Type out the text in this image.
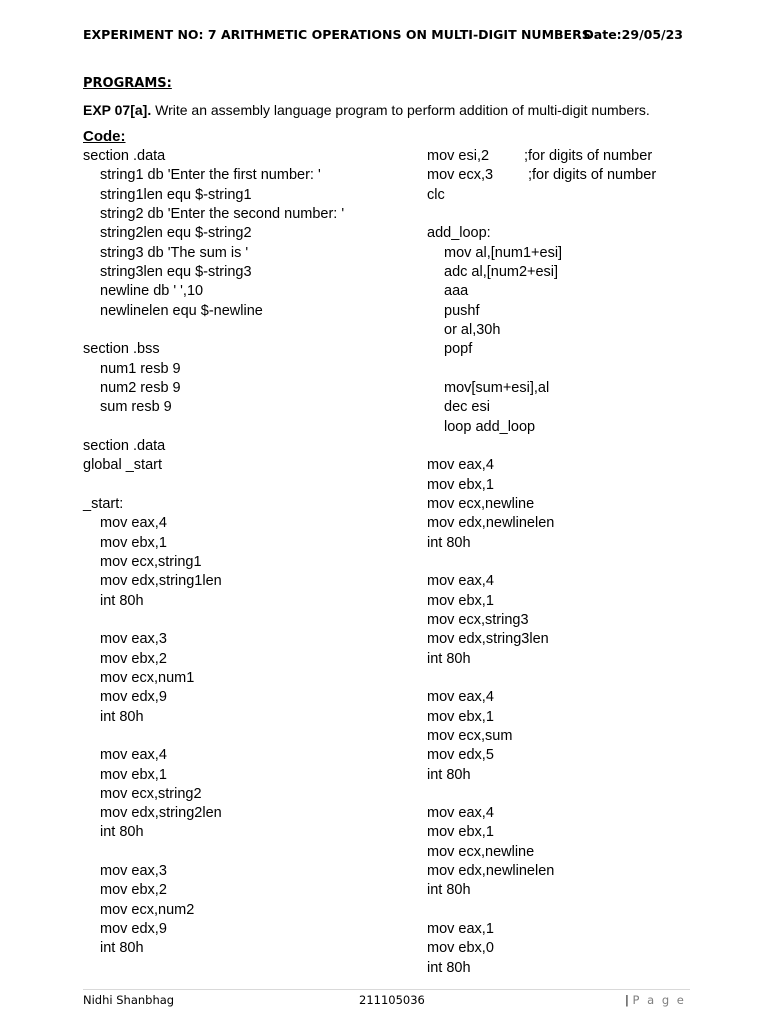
EXPERIMENT NO: 7 ARITHMETIC OPERATIONS ON MULTI-DIGIT NUMBERS
Date:29/05/23
PROGRAMS:
EXP 07[a]. Write an assembly language program to perform addition of multi-digit numbers.
Code:
section .data
string1 db 'Enter the first number: '
string1len equ $-string1
string2 db 'Enter the second number: '
string2len equ $-string2
string3 db 'The sum is '
string3len equ $-string3
newline db ' ',10
newlinelen equ $-newline
section .bss
num1 resb 9
num2 resb 9
sum resb 9
section .data
global _start
_start:
mov eax,4
mov ebx,1
mov ecx,string1
mov edx,string1len
int 80h
mov eax,3
mov ebx,2
mov ecx,num1
mov edx,9
int 80h
mov eax,4
mov ebx,1
mov ecx,string2
mov edx,string2len
int 80h
mov eax,3
mov ebx,2
mov ecx,num2
mov edx,9
int 80h
mov esi,2 ;for digits of number
mov ecx,3 ;for digits of number
clc
add_loop:
mov al,[num1+esi]
adc al,[num2+esi]
aaa
pushf
or al,30h
popf
mov[sum+esi],al
dec esi
loop add_loop
mov eax,4
mov ebx,1
mov ecx,newline
mov edx,newlinelen
int 80h
mov eax,4
mov ebx,1
mov ecx,string3
mov edx,string3len
int 80h
mov eax,4
mov ebx,1
mov ecx,sum
mov edx,5
int 80h
mov eax,4
mov ebx,1
mov ecx,newline
mov edx,newlinelen
int 80h
mov eax,1
mov ebx,0
int 80h
Nidhi Shanbhag	211105036	| P a g e
